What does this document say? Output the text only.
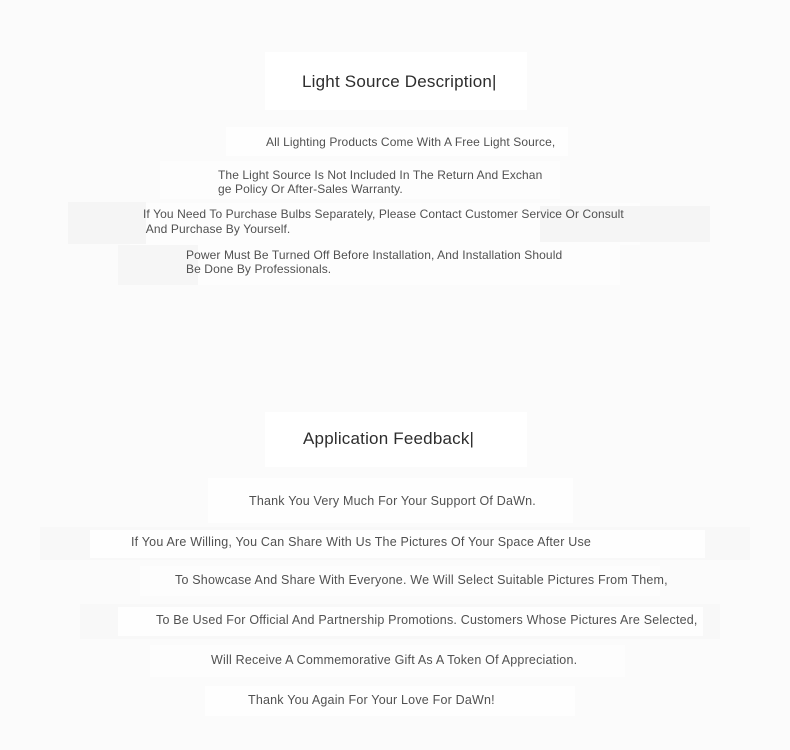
Light Source Description|
All Lighting Products Come With A Free Light Source,
The Light Source Is Not Included In The Return And Exchan
ge Policy Or After-Sales Warranty.
If You Need To Purchase Bulbs Separately, Please Contact Customer Service Or Consult
And Purchase By Yourself.
Power Must Be Turned Off Before Installation, And Installation Should
Be Done By Professionals.
Application Feedback|
Thank You Very Much For Your Support Of DaWn.
If You Are Willing, You Can Share With Us The Pictures Of Your Space After Use
To Showcase And Share With Everyone. We Will Select Suitable Pictures From Them,
To Be Used For Official And Partnership Promotions. Customers Whose Pictures Are Selected,
Will Receive A Commemorative Gift As A Token Of Appreciation.
Thank You Again For Your Love For DaWn!
